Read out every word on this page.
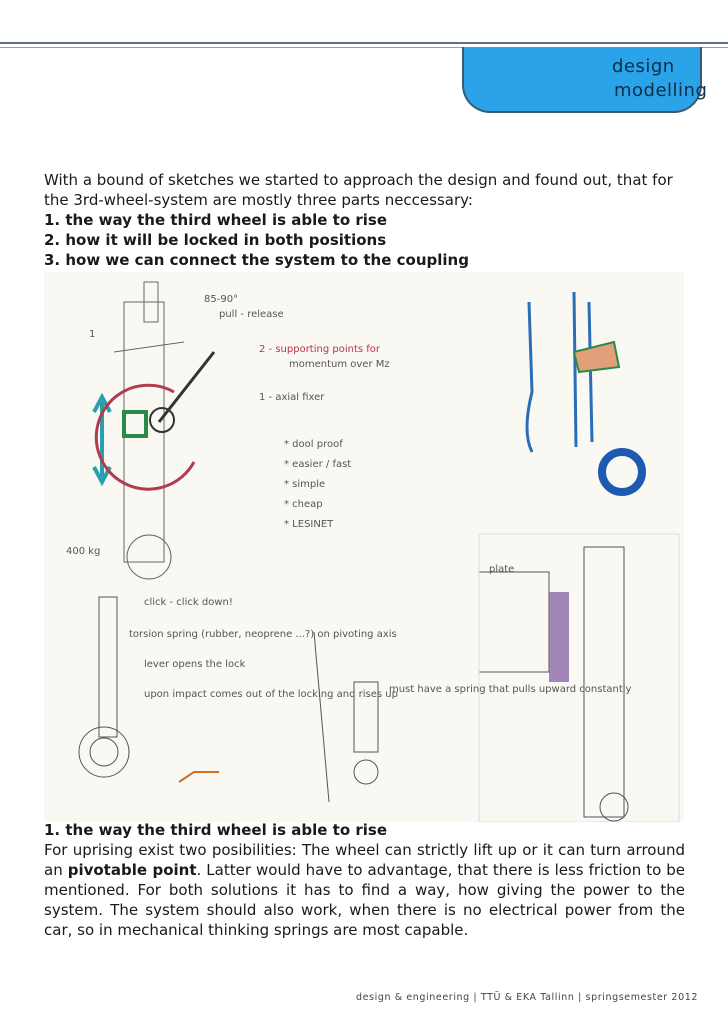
design
modelling

With a bound of sketches we started to approach the design and found out, that for the 3rd-wheel-system are mostly three parts neccessary:

1. the way the third wheel is able to rise

2. how it will be locked in both positions

3. how we can connect the system to the coupling

85-90°
pull - release
1
2 - supporting points for
momentum over Mz
1 - axial fixer
* dool proof
* easier / fast
* simple
* cheap
* LESINET
400 kg
click - click down!
torsion spring (rubber, neoprene ...?) on pivoting axis
lever opens the lock
upon impact comes out of the locking and rises up
must have a spring that pulls upward constantly
plate
1. the way the third wheel is able to rise

For uprising exist two posibilities: The wheel can strictly lift up or it can turn arround an pivotable point. Latter would have to advantage, that there is less friction to be mentioned. For both solutions it has to find a way, how giving the power to the system. The system should also work, when there is no electrical power from the car, so in mechanical thinking springs are most capable.

design & engineering | TTÜ & EKA Tallinn | springsemester 2012
